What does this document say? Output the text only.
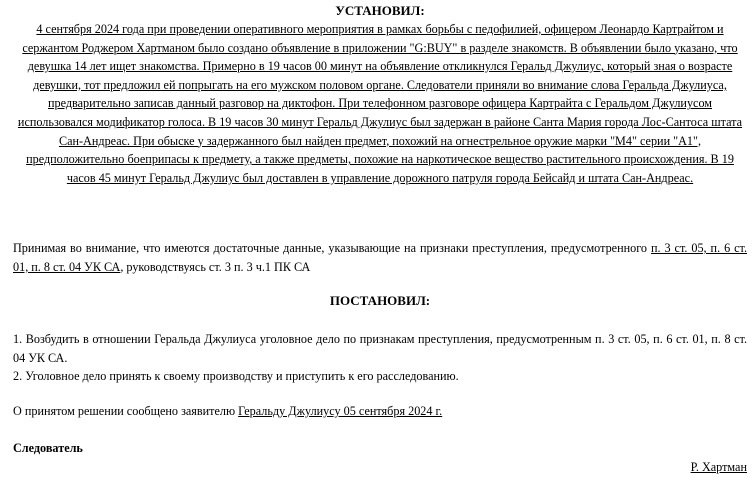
УСТАНОВИЛ:

4 сентября 2024 года при проведении оперативного мероприятия в рамках борьбы с педофилией, офицером Леонардо Картрайтом и сержантом Роджером Хартманом было создано объявление в приложении "G:BUY" в разделе знакомств. В объявлении было указано, что девушка 14 лет ищет знакомства. Примерно в 19 часов 00 минут на объявление откликнулся Геральд Джулиус, который зная о возрасте девушки, тот предложил ей попрыгать на его мужском половом органе. Следователи приняли во внимание слова Геральда Джулиуса, предварительно записав данный разговор на диктофон. При телефонном разговоре офицера Картрайта с Геральдом Джулиусом использовался модификатор голоса. В 19 часов 30 минут Геральд Джулиус был задержан в районе Санта Мария города Лос-Сантоса штата Сан-Андреас. При обыске у задержанного был найден предмет, похожий на огнестрельное оружие марки "М4" серии "А1", предположительно боеприпасы к предмету, а также предметы, похожие на наркотическое вещество растительного происхождения. В 19 часов 45 минут Геральд Джулиус был доставлен в управление дорожного патруля города Бейсайд и штата Сан-Андреас.

Принимая во внимание, что имеются достаточные данные, указывающие на признаки преступления, предусмотренного п. 3 ст. 05, п. 6 ст. 01, п. 8 ст. 04 УК СА, руководствуясь ст. 3 п. 3 ч.1 ПК СА

ПОСТАНОВИЛ:

1. Возбудить в отношении Геральда Джулиуса уголовное дело по признакам преступления, предусмотренным п. 3 ст. 05, п. 6 ст. 01, п. 8 ст. 04 УК СА.

2. Уголовное дело принять к своему производству и приступить к его расследованию.

О принятом решении сообщено заявителю Геральду Джулиусу 05 сентября 2024 г.

Следователь
Р. Хартман
